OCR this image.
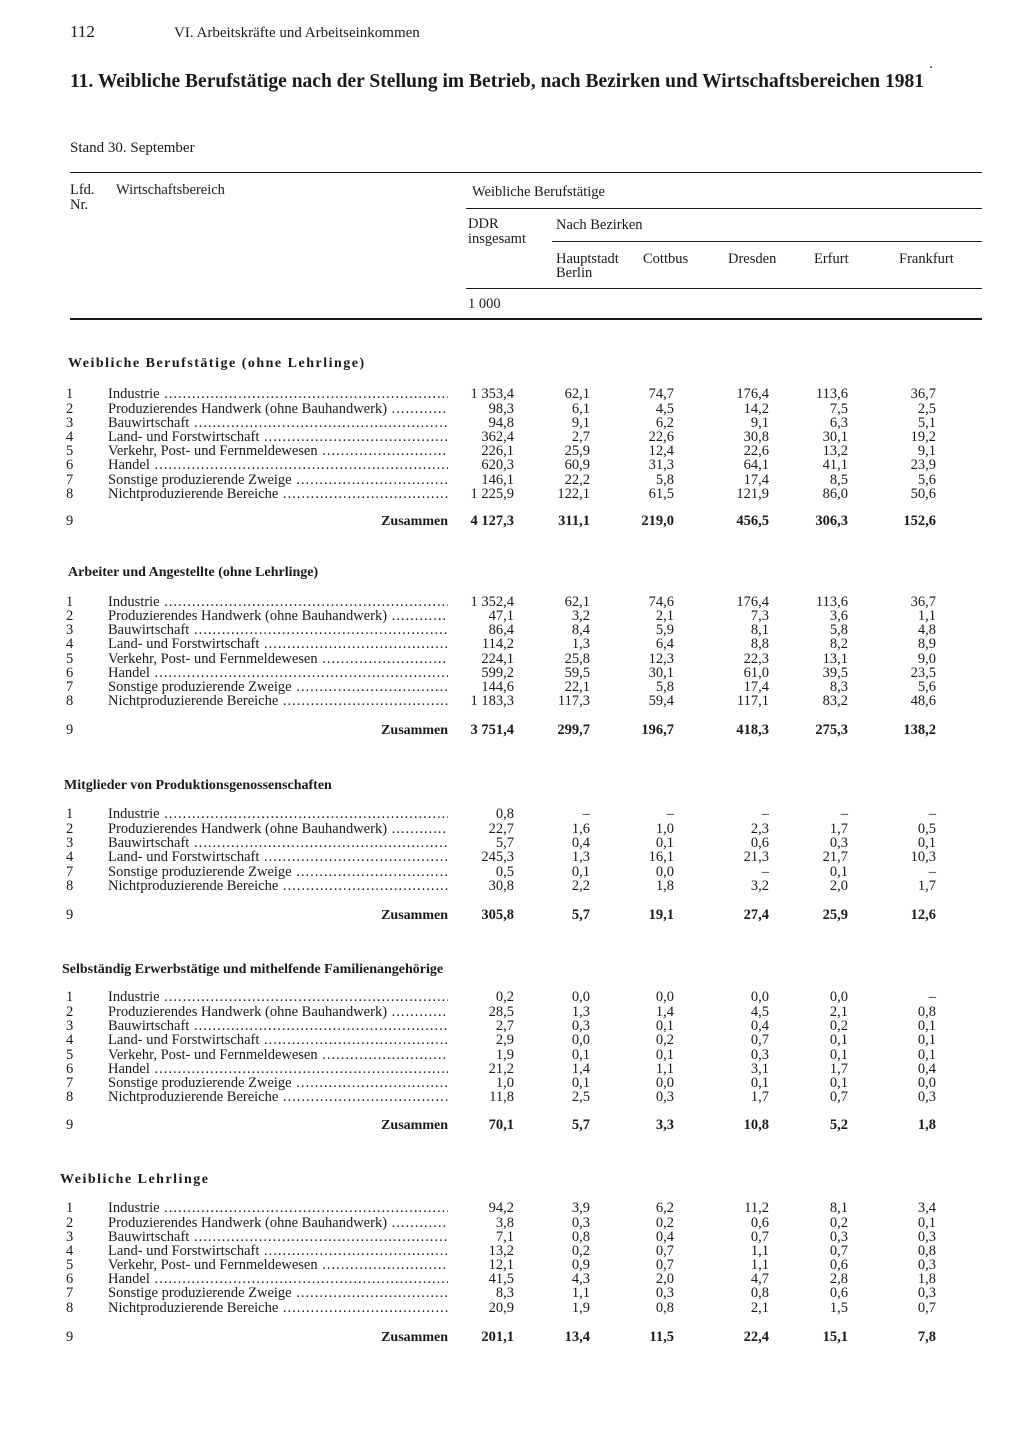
112	VI. Arbeitskräfte und Arbeitseinkommen
11. Weibliche Berufstätige nach der Stellung im Betrieb, nach Bezirken und Wirtschaftsbereichen 1981
Stand 30. September
Lfd.
Nr.
Wirtschaftsbereich	Weibliche Berufstätige
DDR
insgesamt
Nach Bezirken
Hauptstadt
Berlin
Cottbus	Dresden	Erfurt	Frankfurt
1 000
Weibliche Berufstätige (ohne Lehrlinge)
1 Industrie .....	1 353,4	62,1	74,7	176,4	113,6	36,7
2 Produzierendes Handwerk (ohne Bauhandwerk) .....	98,3	6,1	4,5	14,2	7,5	2,5
3 Bauwirtschaft .....	94,8	9,1	6,2	9,1	6,3	5,1
4 Land- und Forstwirtschaft .....	362,4	2,7	22,6	30,8	30,1	19,2
5 Verkehr, Post- und Fernmeldewesen .....	226,1	25,9	12,4	22,6	13,2	9,1
6 Handel .....	620,3	60,9	31,3	64,1	41,1	23,9
7 Sonstige produzierende Zweige .....	146,1	22,2	5,8	17,4	8,5	5,6
8 Nichtproduzierende Bereiche .....	1 225,9	122,1	61,5	121,9	86,0	50,6
9	Zusammen 4 127,3	311,1	219,0	456,5	306,3	152,6
Arbeiter und Angestellte (ohne Lehrlinge)
1 Industrie .....	1 352,4	62,1	74,6	176,4	113,6	36,7
2 Produzierendes Handwerk (ohne Bauhandwerk) .....	47,1	3,2	2,1	7,3	3,6	1,1
3 Bauwirtschaft .....	86,4	8,4	5,9	8,1	5,8	4,8
4 Land- und Forstwirtschaft .....	114,2	1,3	6,4	8,8	8,2	8,9
5 Verkehr, Post- und Fernmeldewesen .....	224,1	25,8	12,3	22,3	13,1	9,0
6 Handel .....	599,2	59,5	30,1	61,0	39,5	23,5
7 Sonstige produzierende Zweige .....	144,6	22,1	5,8	17,4	8,3	5,6
8 Nichtproduzierende Bereiche .....	1 183,3	117,3	59,4	117,1	83,2	48,6
9	Zusammen 3 751,4	299,7	196,7	418,3	275,3	138,2
Mitglieder von Produktionsgenossenschaften
1 Industrie .....	0,8	–	–	–	–	–
2 Produzierendes Handwerk (ohne Bauhandwerk) .....	22,7	1,6	1,0	2,3	1,7	0,5
3 Bauwirtschaft .....	5,7	0,4	0,1	0,6	0,3	0,1
4 Land- und Forstwirtschaft .....	245,3	1,3	16,1	21,3	21,7	10,3
7 Sonstige produzierende Zweige .....	0,5	0,1	0,0	–	0,1	–
8 Nichtproduzierende Bereiche .....	30,8	2,2	1,8	3,2	2,0	1,7
9	Zusammen 305,8	5,7	19,1	27,4	25,9	12,6
Selbständig Erwerbstätige und mithelfende Familienangehörige
1 Industrie .....	0,2	0,0	0,0	0,0	0,0	–
2 Produzierendes Handwerk (ohne Bauhandwerk) .....	28,5	1,3	1,4	4,5	2,1	0,8
3 Bauwirtschaft .....	2,7	0,3	0,1	0,4	0,2	0,1
4 Land- und Forstwirtschaft .....	2,9	0,0	0,2	0,7	0,1	0,1
5 Verkehr, Post- und Fernmeldewesen .....	1,9	0,1	0,1	0,3	0,1	0,1
6 Handel .....	21,2	1,4	1,1	3,1	1,7	0,4
7 Sonstige produzierende Zweige .....	1,0	0,1	0,0	0,1	0,1	0,0
8 Nichtproduzierende Bereiche .....	11,8	2,5	0,3	1,7	0,7	0,3
9	Zusammen	70,1	5,7	3,3	10,8	5,2	1,8
Weibliche Lehrlinge
1 Industrie .....	94,2	3,9	6,2	11,2	8,1	3,4
2 Produzierendes Handwerk (ohne Bauhandwerk) .....	3,8	0,3	0,2	0,6	0,2	0,1
3 Bauwirtschaft .....	7,1	0,8	0,4	0,7	0,3	0,3
4 Land- und Forstwirtschaft .....	13,2	0,2	0,7	1,1	0,7	0,8
5 Verkehr, Post- und Fernmeldewesen .....	12,1	0,9	0,7	1,1	0,6	0,3
6 Handel .....	41,5	4,3	2,0	4,7	2,8	1,8
7 Sonstige produzierende Zweige .....	8,3	1,1	0,3	0,8	0,6	0,3
8 Nichtproduzierende Bereiche .....	20,9	1,9	0,8	2,1	1,5	0,7
9	Zusammen 201,1	13,4	11,5	22,4	15,1	7,8
